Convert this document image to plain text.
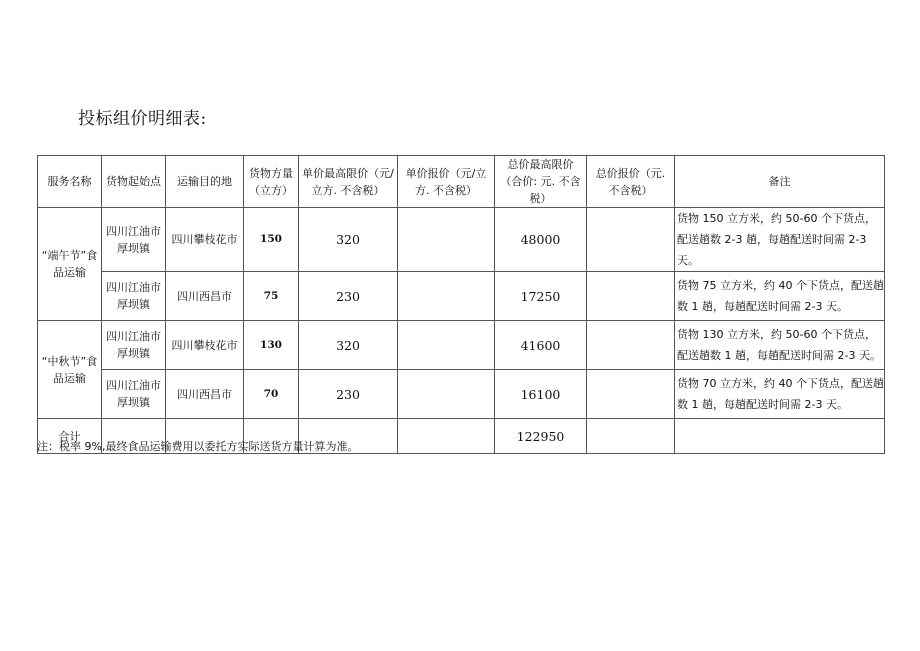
投标组价明细表:
服务名称	货物起始点	运输目的地	货物方量（立方）	单价最高限价（元/立方. 不含税）	单价报价（元/立方. 不含税）	总价最高限价（合价: 元. 不含税）	总价报价（元. 不含税）	备注
“端午节”食品运输	四川江油市厚坝镇	四川攀枝花市	150	320		48000		货物 150 立方米，约 50-60 个下货点，配送趟数 2-3 趟，每趟配送时间需 2-3 天。
	四川江油市厚坝镇	四川西昌市	75	230		17250		货物 75 立方米，约 40 个下货点，配送趟数 1 趟，每趟配送时间需 2-3 天。
“中秋节”食品运输	四川江油市厚坝镇	四川攀枝花市	130	320		41600		货物 130 立方米，约 50-60 个下货点，配送趟数 1 趟，每趟配送时间需 2-3 天。
	四川江油市厚坝镇	四川西昌市	70	230		16100		货物 70 立方米，约 40 个下货点，配送趟数 1 趟，每趟配送时间需 2-3 天。
合计						122950		
注：税率 9%,最终食品运输费用以委托方实际送货方量计算为准。
